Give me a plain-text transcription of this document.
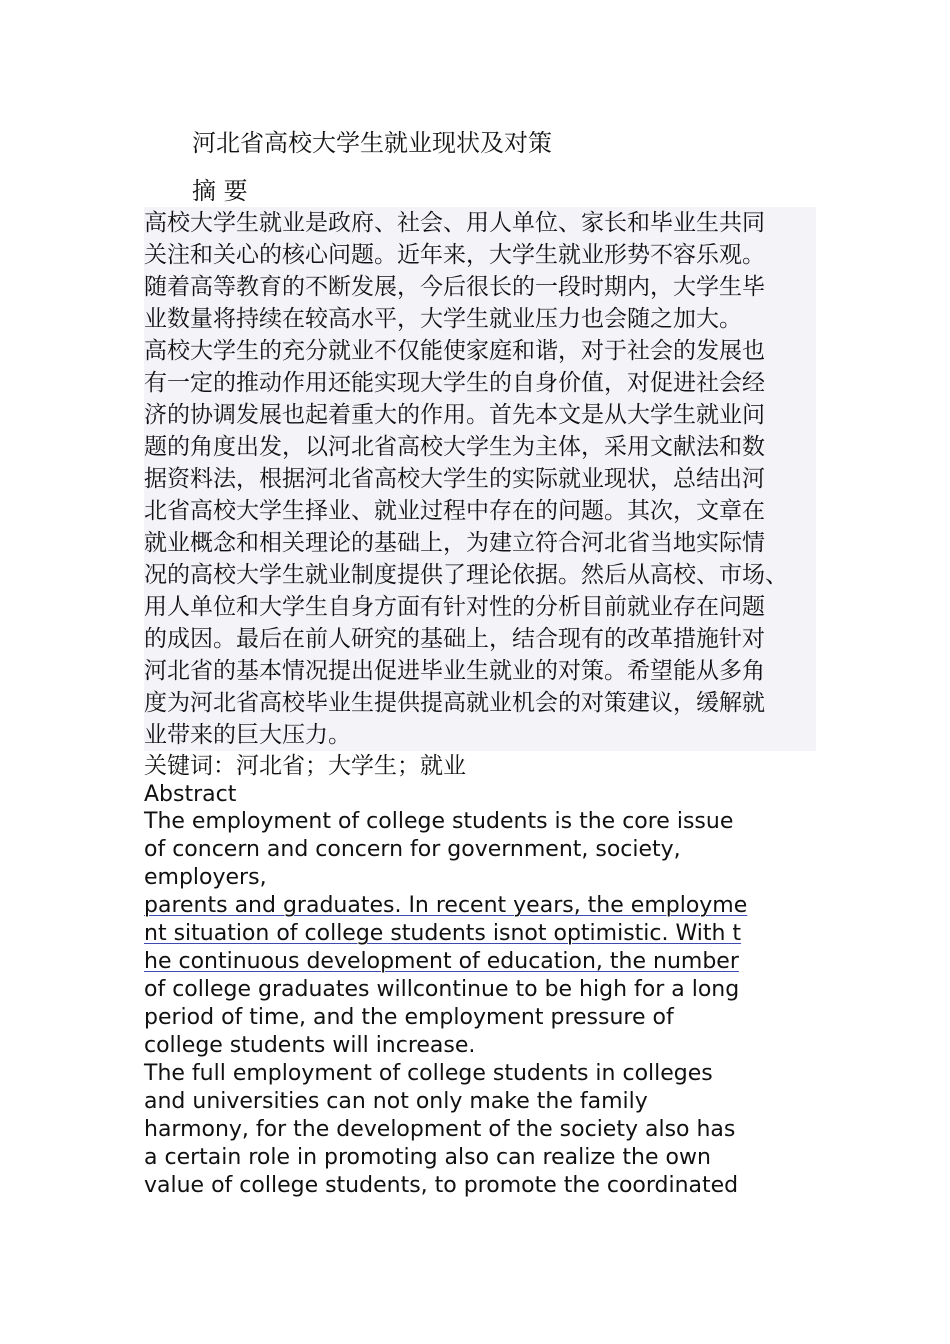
河北省高校大学生就业现状及对策
摘 要
高校大学生就业是政府、社会、用人单位、家长和毕业生共同
关注和关心的核心问题。近年来，大学生就业形势不容乐观。
随着高等教育的不断发展，今后很长的一段时期内，大学生毕
业数量将持续在较高水平，大学生就业压力也会随之加大。
高校大学生的充分就业不仅能使家庭和谐，对于社会的发展也
有一定的推动作用还能实现大学生的自身价值，对促进社会经
济的协调发展也起着重大的作用。首先本文是从大学生就业问
题的角度出发，以河北省高校大学生为主体，采用文献法和数
据资料法，根据河北省高校大学生的实际就业现状，总结出河
北省高校大学生择业、就业过程中存在的问题。其次，文章在
就业概念和相关理论的基础上，为建立符合河北省当地实际情
况的高校大学生就业制度提供了理论依据。然后从高校、市场、
用人单位和大学生自身方面有针对性的分析目前就业存在问题
的成因。最后在前人研究的基础上，结合现有的改革措施针对
河北省的基本情况提出促进毕业生就业的对策。希望能从多角
度为河北省高校毕业生提供提高就业机会的对策建议，缓解就
业带来的巨大压力。
关键词：河北省；大学生；就业
Abstract
The employment of college students is the core issue
of concern and concern for government, society,
employers,
parents and graduates. In recent years, the employme
nt situation of college students isnot optimistic. With t
he continuous development of education, the number
of college graduates willcontinue to be high for a long
period of time, and the employment pressure of
college students will increase.
The full employment of college students in colleges
and universities can not only make the family
harmony, for the development of the society also has
a certain role in promoting also can realize the own
value of college students, to promote the coordinated
